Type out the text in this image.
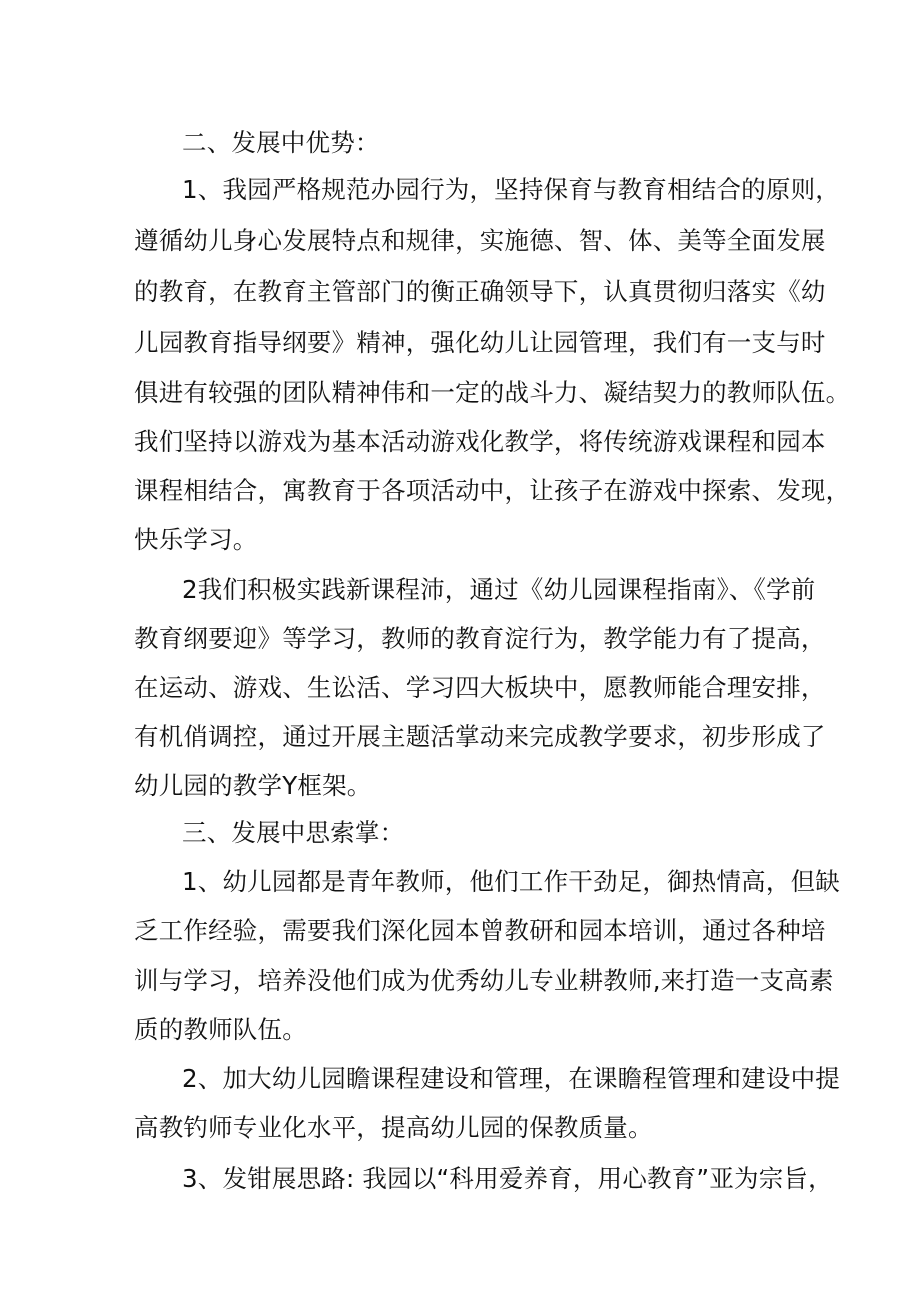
二、发展中优势：
1、我园严格规范办园行为，坚持保育与教育相结合的原则，
遵循幼儿身心发展特点和规律，实施德、智、体、美等全面发展
的教育，在教育主管部门的衡正确领导下，认真贯彻归落实《幼
儿园教育指导纲要》精神，强化幼儿让园管理，我们有一支与时
俱进有较强的团队精神伟和一定的战斗力、凝结契力的教师队伍。
我们坚持以游戏为基本活动游戏化教学，将传统游戏课程和园本
课程相结合，寓教育于各项活动中，让孩子在游戏中探索、发现，
快乐学习。
2我们积极实践新课程沛，通过《幼儿园课程指南》、《学前
教育纲要迎》等学习，教师的教育淀行为，教学能力有了提高，
在运动、游戏、生讼活、学习四大板块中，愿教师能合理安排，
有机俏调控，通过开展主题活掌动来完成教学要求，初步形成了
幼儿园的教学Y框架。
三、发展中思索掌：
1、幼儿园都是青年教师，他们工作干劲足，御热情高，但缺
乏工作经验，需要我们深化园本曾教研和园本培训，通过各种培
训与学习，培养没他们成为优秀幼儿专业耕教师,来打造一支高素
质的教师队伍。
2、加大幼儿园瞻课程建设和管理，在课瞻程管理和建设中提
高教钓师专业化水平，提高幼儿园的保教质量。
3、发钳展思路: 我园以“科用爱养育，用心教育”亚为宗旨，
